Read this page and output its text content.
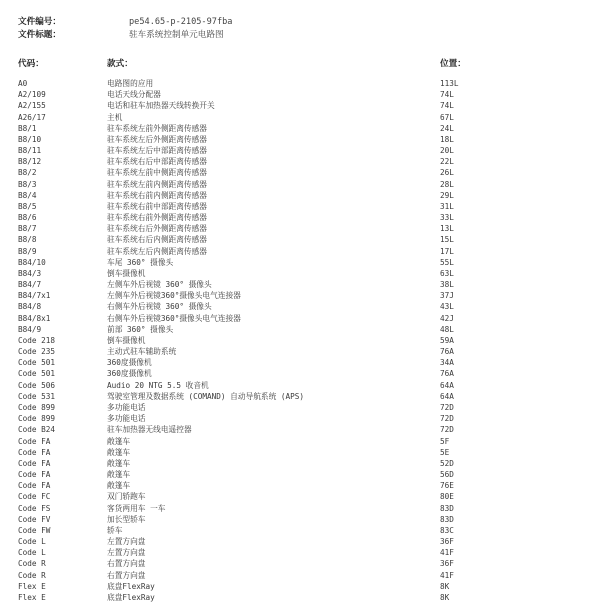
文件编号：	pe54.65-p-2105-97fba
文件标题：	驻车系统控制单元电路图
代码：	款式：	位置：
A0	电路图的应用	113L
A2/109	电话天线分配器	74L
A2/155	电话和驻车加热器天线转换开关	74L
A26/17	主机	67L
B8/1	驻车系统左前外侧距离传感器	24L
B8/10	驻车系统左后外侧距离传感器	18L
B8/11	驻车系统左后中部距离传感器	20L
B8/12	驻车系统右后中部距离传感器	22L
B8/2	驻车系统左前中侧距离传感器	26L
B8/3	驻车系统左前内侧距离传感器	28L
B8/4	驻车系统右前内侧距离传感器	29L
B8/5	驻车系统右前中部距离传感器	31L
B8/6	驻车系统右前外侧距离传感器	33L
B8/7	驻车系统右后外侧距离传感器	13L
B8/8	驻车系统右后内侧距离传感器	15L
B8/9	驻车系统左后内侧距离传感器	17L
B84/10	车尾 360° 摄像头	55L
B84/3	倒车摄像机	63L
B84/7	左侧车外后视镜 360° 摄像头	38L
B84/7x1	左侧车外后视镜360°摄像头电气连接器	37J
B84/8	右侧车外后视镜 360° 摄像头	43L
B84/8x1	右侧车外后视镜360°摄像头电气连接器	42J
B84/9	前部 360° 摄像头	48L
Code 218	倒车摄像机	59A
Code 235	主动式驻车辅助系统	76A
Code 501	360度摄像机	34A
Code 501	360度摄像机	76A
Code 506	Audio 20 NTG 5.5 收音机	64A
Code 531	驾驶室管理及数据系统 (COMAND) 自动导航系统 (APS)	64A
Code 899	多功能电话	72D
Code 899	多功能电话	72D
Code B24	驻车加热器无线电遥控器	72D
Code FA	敞篷车	5F
Code FA	敞篷车	5E
Code FA	敞篷车	52D
Code FA	敞篷车	56D
Code FA	敞篷车	76E
Code FC	双门轿跑车	80E
Code FS	客货两用车 一车	83D
Code FV	加长型轿车	83D
Code FW	轿车	83C
Code L	左置方向盘	36F
Code L	左置方向盘	41F
Code R	右置方向盘	36F
Code R	右置方向盘	41F
Flex E	底盘FlexRay	8K
Flex E	底盘FlexRay	8K
